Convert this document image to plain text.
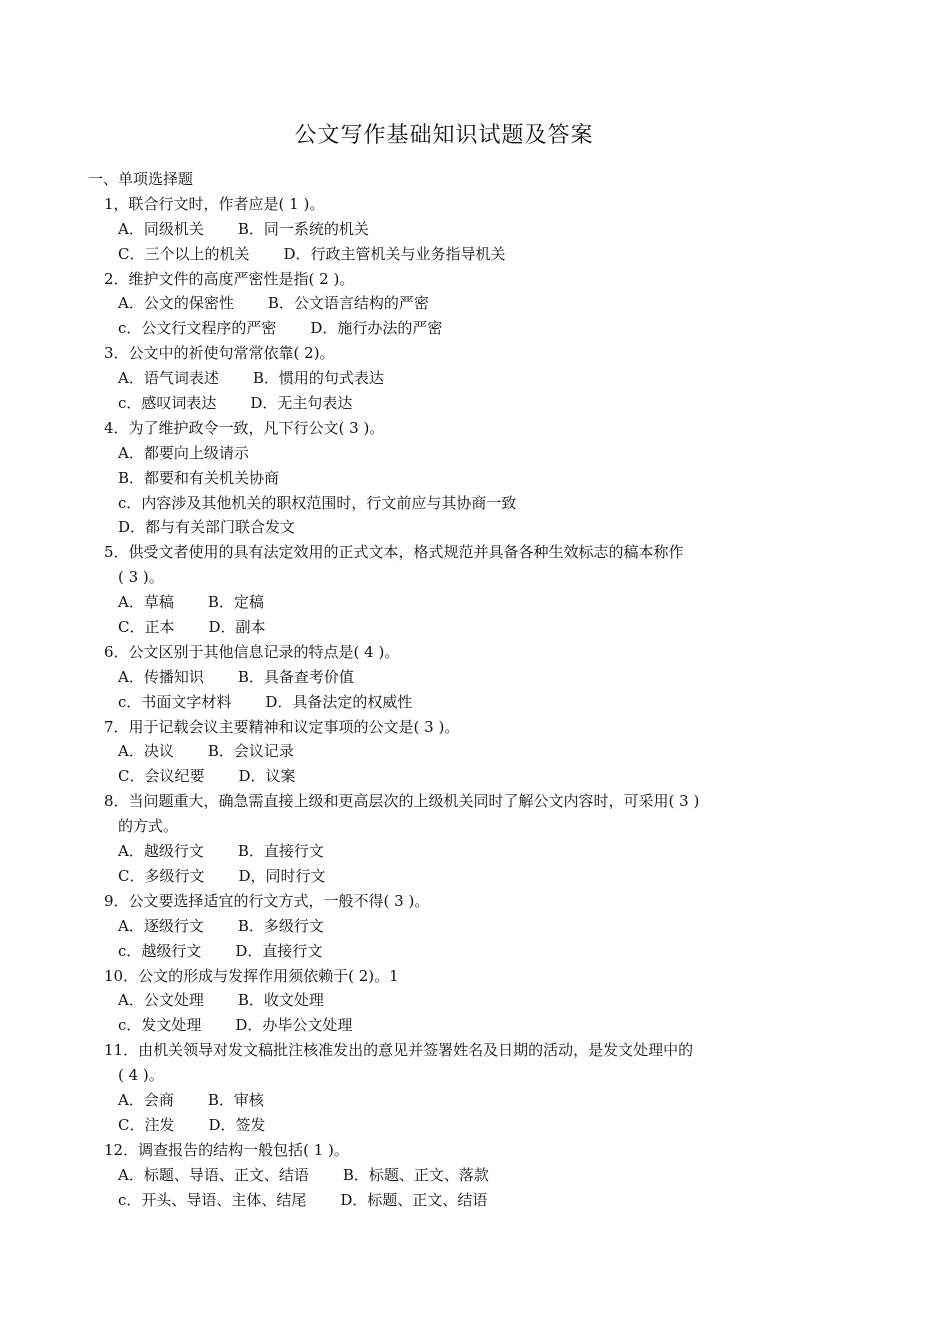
公文写作基础知识试题及答案
一、单项选择题
1，联合行文时，作者应是( 1 )。
A．同级机关 B．同一系统的机关
C．三个以上的机关 D．行政主管机关与业务指导机关
2．维护文件的高度严密性是指( 2 )。
A．公文的保密性 B．公文语言结构的严密
c．公文行文程序的严密 D．施行办法的严密
3．公文中的祈使句常常依靠( 2)。
A．语气词表述 B．惯用的句式表达
c．感叹词表达 D．无主句表达
4．为了维护政令一致，凡下行公文( 3 )。
A．都要向上级请示
B．都要和有关机关协商
c．内容涉及其他机关的职权范围时，行文前应与其协商一致
D．都与有关部门联合发文
5．供受文者使用的具有法定效用的正式文本，格式规范并具备各种生效标志的稿本称作
( 3 )。
A．草稿 B．定稿
C．正本 D．副本
6．公文区别于其他信息记录的特点是( 4 )。
A．传播知识 B．具备查考价值
c．书面文字材料 D．具备法定的权威性
7．用于记载会议主要精神和议定事项的公文是( 3 )。
A．决议 B．会议记录
C．会议纪要 D．议案
8．当问题重大，确急需直接上级和更高层次的上级机关同时了解公文内容时，可采用( 3 )
的方式。
A．越级行文 B．直接行文
C．多级行文 D，同时行文
9．公文要选择适宜的行文方式，一般不得( 3 )。
A．逐级行文 B．多级行文
c．越级行文 D．直接行文
10．公文的形成与发挥作用须依赖于( 2)。1
A．公文处理 B．收文处理
c．发文处理 D．办毕公文处理
11．由机关领导对发文稿批注核准发出的意见并签署姓名及日期的活动，是发文处理中的
( 4 )。
A．会商 B．审核
C．注发 D．签发
12．调查报告的结构一般包括( 1 )。
A．标题、导语、正文、结语 B．标题、正文、落款
c．开头、导语、主体、结尾 D．标题、正文、结语
